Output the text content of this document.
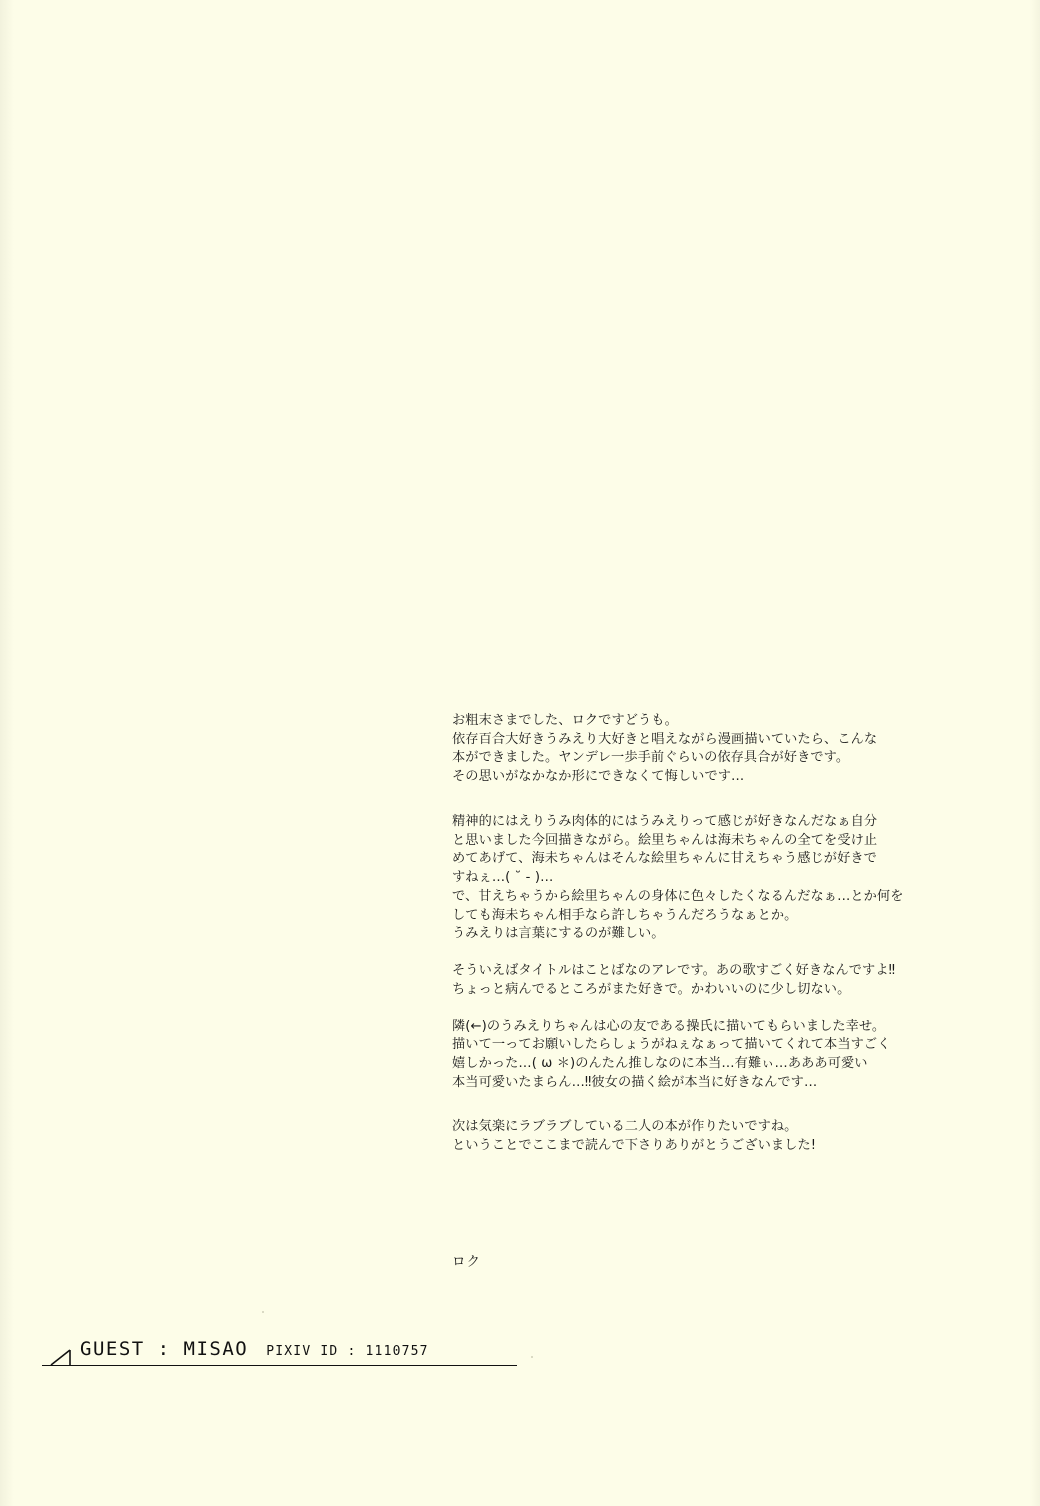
お粗末さまでした、ロクですどうも。

依存百合大好きうみえり大好きと唱えながら漫画描いていたら、こんな

本ができました。ヤンデレ一歩手前ぐらいの依存具合が好きです。

その思いがなかなか形にできなくて悔しいです…

精神的にはえりうみ肉体的にはうみえりって感じが好きなんだなぁ自分

と思いました今回描きながら。絵里ちゃんは海未ちゃんの全てを受け止

めてあげて、海未ちゃんはそんな絵里ちゃんに甘えちゃう感じが好きで

すねぇ…( ˘ ‐ )…

で、甘えちゃうから絵里ちゃんの身体に色々したくなるんだなぁ…とか何を

しても海未ちゃん相手なら許しちゃうんだろうなぁとか。

うみえりは言葉にするのが難しい。

そういえばタイトルはことばなのアレです。あの歌すごく好きなんですよ‼

ちょっと病んでるところがまた好きで。かわいいのに少し切ない。

隣(←)のうみえりちゃんは心の友である操氏に描いてもらいました幸せ。

描いて一ってお願いしたらしょうがねぇなぁって描いてくれて本当すごく

嬉しかった…( ω ＊)のんたん推しなのに本当…有難ぃ…あああ可愛い

本当可愛いたまらん…‼彼女の描く絵が本当に好きなんです…

次は気楽にラブラブしている二人の本が作りたいですね。

ということでここまで読んで下さりありがとうございました!

ロク
GUEST : MISAO PIXIV ID : 1110757
